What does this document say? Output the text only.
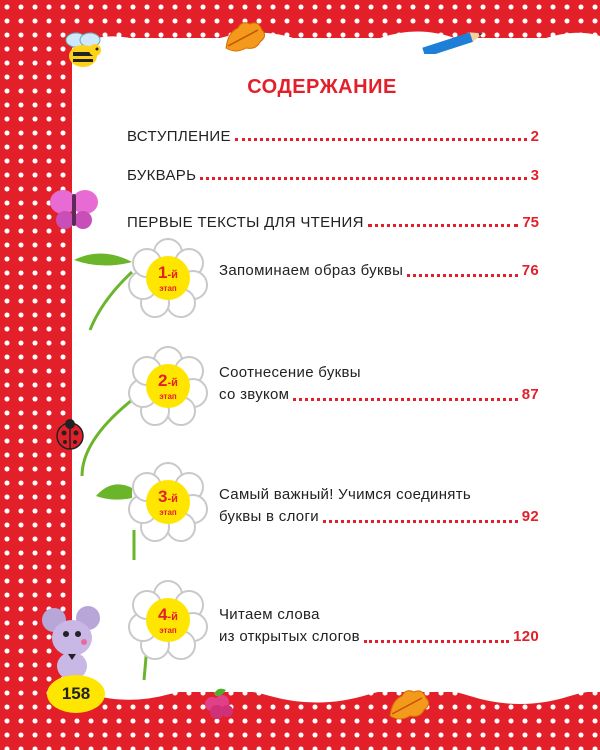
СОДЕРЖАНИЕ
ВСТУПЛЕНИЕ	2
БУКВАРЬ	3
ПЕРВЫЕ ТЕКСТЫ ДЛЯ ЧТЕНИЯ	75
1-й
этап
Запоминаем образ буквы	76
2-й
этап
Соотнесение буквы
со звуком	87
3-й
этап
Самый важный! Учимся соединять
буквы в слоги	92
4-й
этап
Читаем слова
из открытых слогов	120
158
